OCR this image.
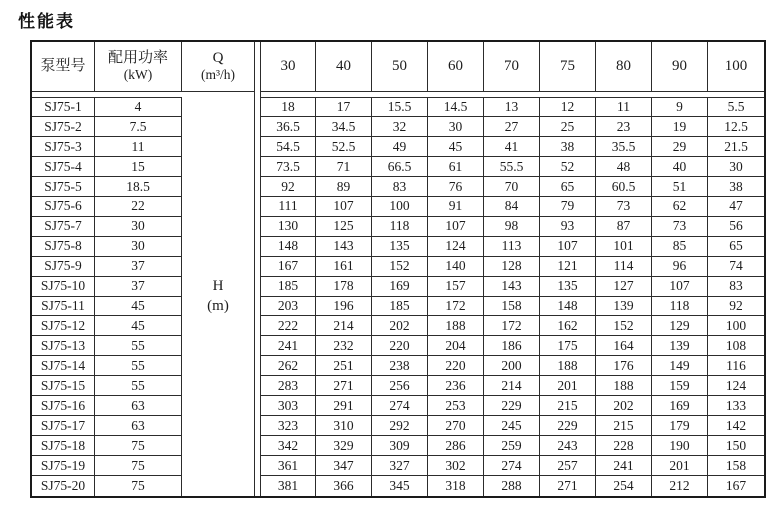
性能表
泵型号	配用功率
(kW)
Q
(m³/h)
H
(m)
30	40	50	60	70	75	80	90	100
SJ75-1	4	18	17	15.5	14.5	13	12	11	9	5.5
SJ75-2	7.5	36.5	34.5	32	30	27	25	23	19	12.5
SJ75-3	11	54.5	52.5	49	45	41	38	35.5	29	21.5
SJ75-4	15	73.5	71	66.5	61	55.5	52	48	40	30
SJ75-5	18.5	92	89	83	76	70	65	60.5	51	38
SJ75-6	22	111	107	100	91	84	79	73	62	47
SJ75-7	30	130	125	118	107	98	93	87	73	56
SJ75-8	30	148	143	135	124	113	107	101	85	65
SJ75-9	37	167	161	152	140	128	121	114	96	74
SJ75-10	37	185	178	169	157	143	135	127	107	83
SJ75-11	45	203	196	185	172	158	148	139	118	92
SJ75-12	45	222	214	202	188	172	162	152	129	100
SJ75-13	55	241	232	220	204	186	175	164	139	108
SJ75-14	55	262	251	238	220	200	188	176	149	116
SJ75-15	55	283	271	256	236	214	201	188	159	124
SJ75-16	63	303	291	274	253	229	215	202	169	133
SJ75-17	63	323	310	292	270	245	229	215	179	142
SJ75-18	75	342	329	309	286	259	243	228	190	150
SJ75-19	75	361	347	327	302	274	257	241	201	158
SJ75-20	75	381	366	345	318	288	271	254	212	167
